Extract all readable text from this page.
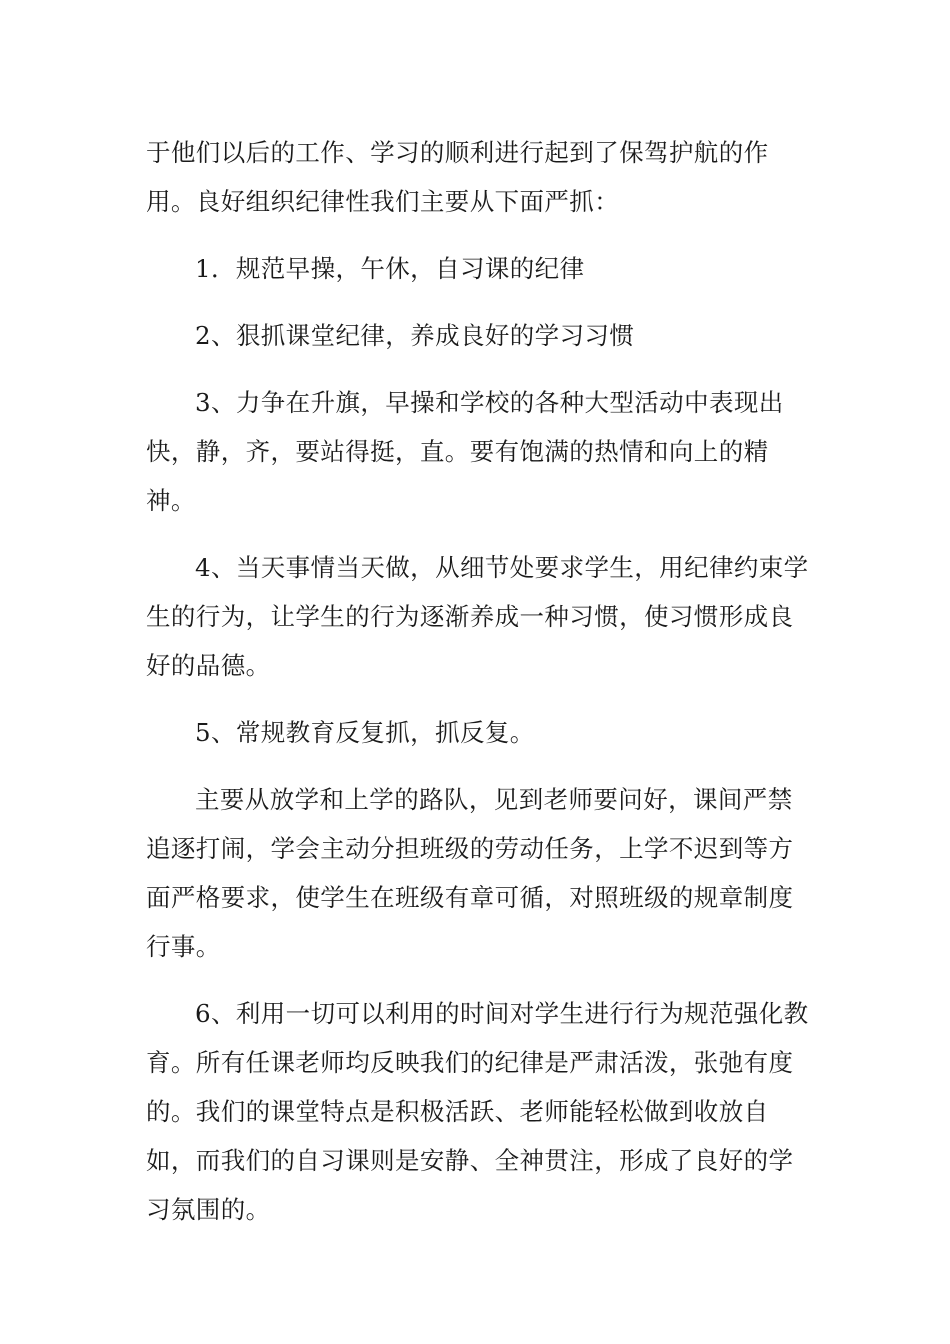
于他们以后的工作、学习的顺利进行起到了保驾护航的作用。良好组织纪律性我们主要从下面严抓：

1．规范早操，午休，自习课的纪律

2、狠抓课堂纪律，养成良好的学习习惯

3、力争在升旗，早操和学校的各种大型活动中表现出快，静，齐，要站得挺，直。要有饱满的热情和向上的精神。

4、当天事情当天做，从细节处要求学生，用纪律约束学生的行为，让学生的行为逐渐养成一种习惯，使习惯形成良好的品德。

5、常规教育反复抓，抓反复。

主要从放学和上学的路队，见到老师要问好，课间严禁追逐打闹，学会主动分担班级的劳动任务，上学不迟到等方面严格要求，使学生在班级有章可循，对照班级的规章制度行事。

6、利用一切可以利用的时间对学生进行行为规范强化教育。所有任课老师均反映我们的纪律是严肃活泼，张弛有度的。我们的课堂特点是积极活跃、老师能轻松做到收放自如，而我们的自习课则是安静、全神贯注，形成了良好的学习氛围的。
